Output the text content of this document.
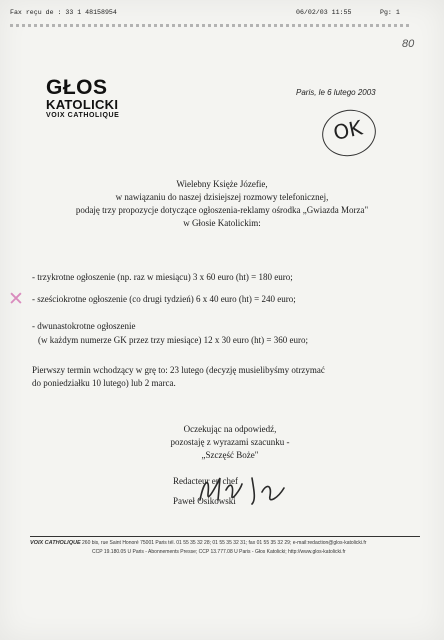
Fax reçu de : 33 1 48158954	06/02/03 11:55	Pg: 1
80
GŁOS
KATOLICKI
VOIX CATHOLIQUE
Paris, le 6 lutego 2003
OK
Wielebny Księże Józefie,
w nawiązaniu do naszej dzisiejszej rozmowy telefonicznej,
podaję trzy propozycje dotyczące ogłoszenia-reklamy ośrodka „Gwiazda Morza"
w Głosie Katolickim:
- trzykrotne ogłoszenie (np. raz w miesiącu) 3 x 60 euro (ht) = 180 euro;
✕ - sześciokrotne ogłoszenie (co drugi tydzień) 6 x 40 euro (ht) = 240 euro;
- dwunastokrotne ogłoszenie
(w każdym numerze GK przez trzy miesiące) 12 x 30 euro (ht) = 360 euro;
Pierwszy termin wchodzący w grę to: 23 lutego (decyzję musielibyśmy otrzymać
do poniedziałku 10 lutego) lub 2 marca.
Oczekując na odpowiedź,
pozostaję z wyrazami szacunku -
„Szczęść Boże"
Redacteur en chef
Paweł Osikowski
VOIX CATHOLIQUE 260 bis, rue Saint Honoré 75001 Paris tél. 01 55 35 32 28; 01 55 35 32 31; fax 01 55 35 32 29; e-mail:redaction@glos-katolicki.fr
CCP 19.180.05 U Paris - Abonnements Presse; CCP 13.777.08 U Paris - Głos Katolicki; http://www.glos-katolicki.fr
